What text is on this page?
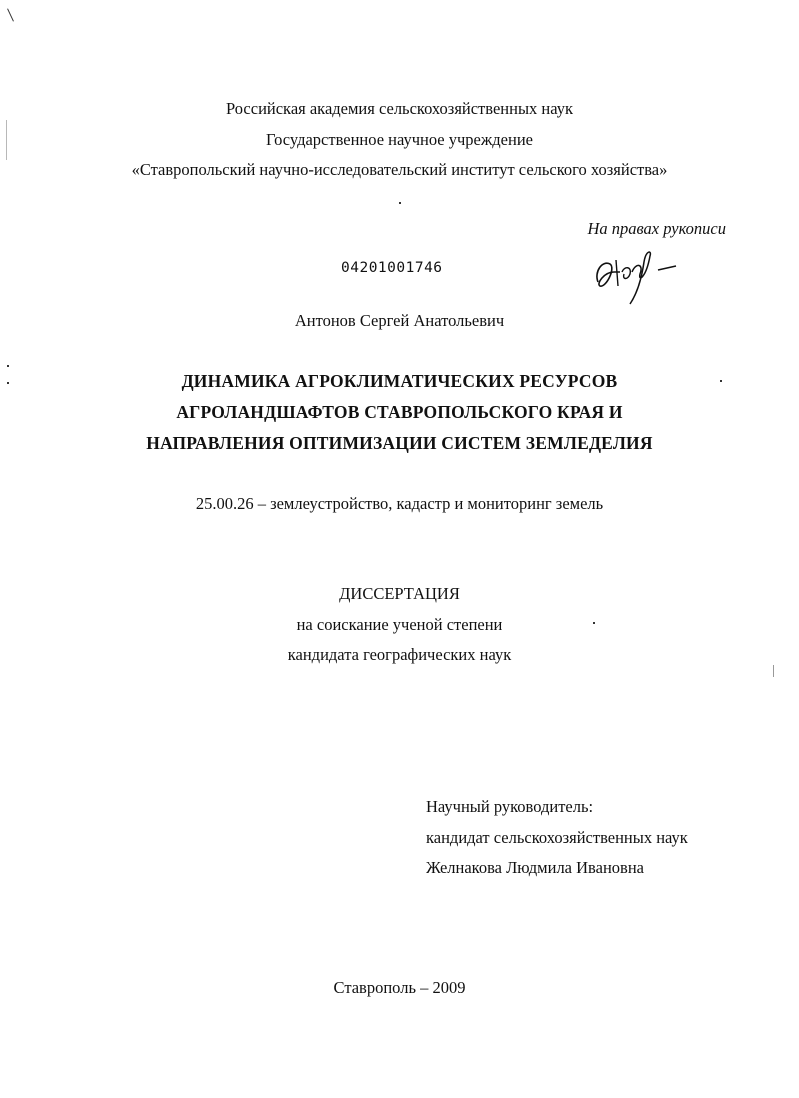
Российская академия сельскохозяйственных наук
Государственное научное учреждение
«Ставропольский научно-исследовательский институт сельского хозяйства»
На правах рукописи
04201001746
Антонов Сергей Анатольевич
ДИНАМИКА АГРОКЛИМАТИЧЕСКИХ РЕСУРСОВ
АГРОЛАНДШАФТОВ СТАВРОПОЛЬСКОГО КРАЯ И
НАПРАВЛЕНИЯ ОПТИМИЗАЦИИ СИСТЕМ ЗЕМЛЕДЕЛИЯ
25.00.26 – землеустройство, кадастр и мониторинг земель
ДИССЕРТАЦИЯ
на соискание ученой степени
кандидата географических наук
Научный руководитель:
кандидат сельскохозяйственных наук
Желнакова Людмила Ивановна
Ставрополь – 2009
